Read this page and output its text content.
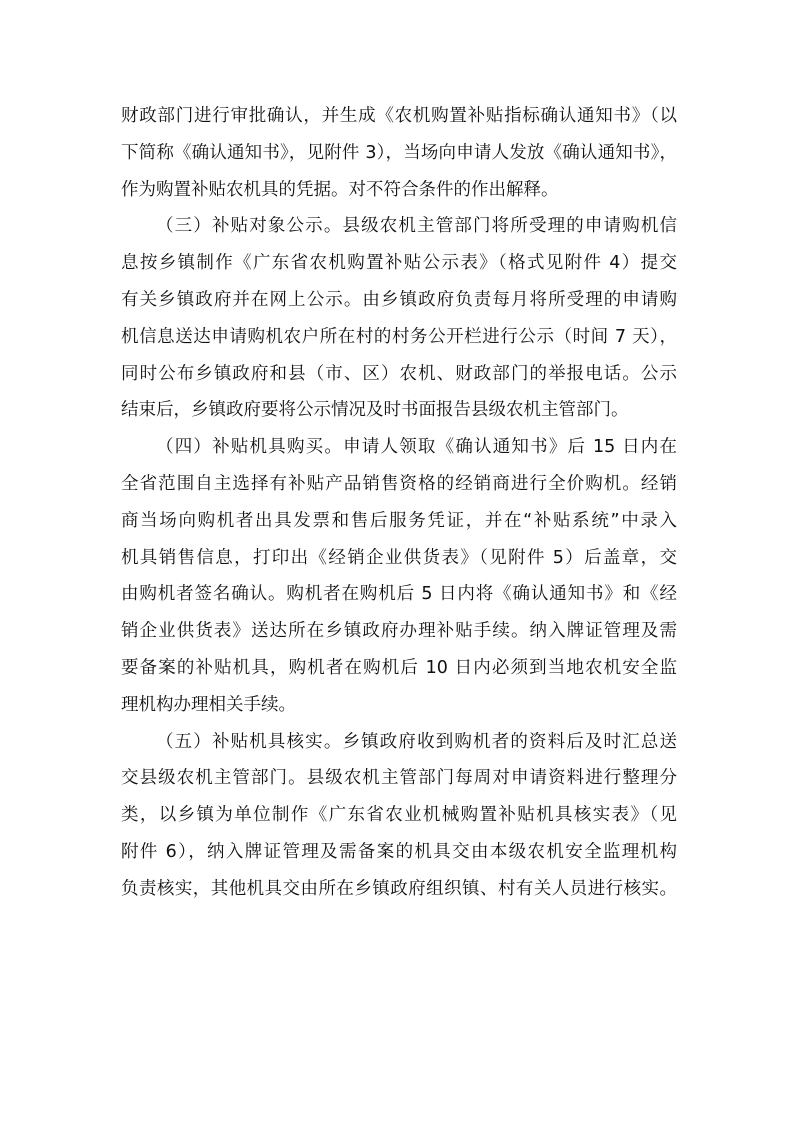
财政部门进行审批确认，并生成《农机购置补贴指标确认通知书》（以
下简称《确认通知书》，见附件 3），当场向申请人发放《确认通知书》，
作为购置补贴农机具的凭据。对不符合条件的作出解释。
（三）补贴对象公示。县级农机主管部门将所受理的申请购机信
息按乡镇制作《广东省农机购置补贴公示表》（格式见附件 4）提交
有关乡镇政府并在网上公示。由乡镇政府负责每月将所受理的申请购
机信息送达申请购机农户所在村的村务公开栏进行公示（时间 7 天），
同时公布乡镇政府和县（市、区）农机、财政部门的举报电话。公示
结束后，乡镇政府要将公示情况及时书面报告县级农机主管部门。
（四）补贴机具购买。申请人领取《确认通知书》后 15 日内在
全省范围自主选择有补贴产品销售资格的经销商进行全价购机。经销
商当场向购机者出具发票和售后服务凭证，并在“补贴系统”中录入
机具销售信息，打印出《经销企业供货表》（见附件 5）后盖章，交
由购机者签名确认。购机者在购机后 5 日内将《确认通知书》和《经
销企业供货表》送达所在乡镇政府办理补贴手续。纳入牌证管理及需
要备案的补贴机具，购机者在购机后 10 日内必须到当地农机安全监
理机构办理相关手续。
（五）补贴机具核实。乡镇政府收到购机者的资料后及时汇总送
交县级农机主管部门。县级农机主管部门每周对申请资料进行整理分
类，以乡镇为单位制作《广东省农业机械购置补贴机具核实表》（见
附件 6），纳入牌证管理及需备案的机具交由本级农机安全监理机构
负责核实，其他机具交由所在乡镇政府组织镇、村有关人员进行核实。
